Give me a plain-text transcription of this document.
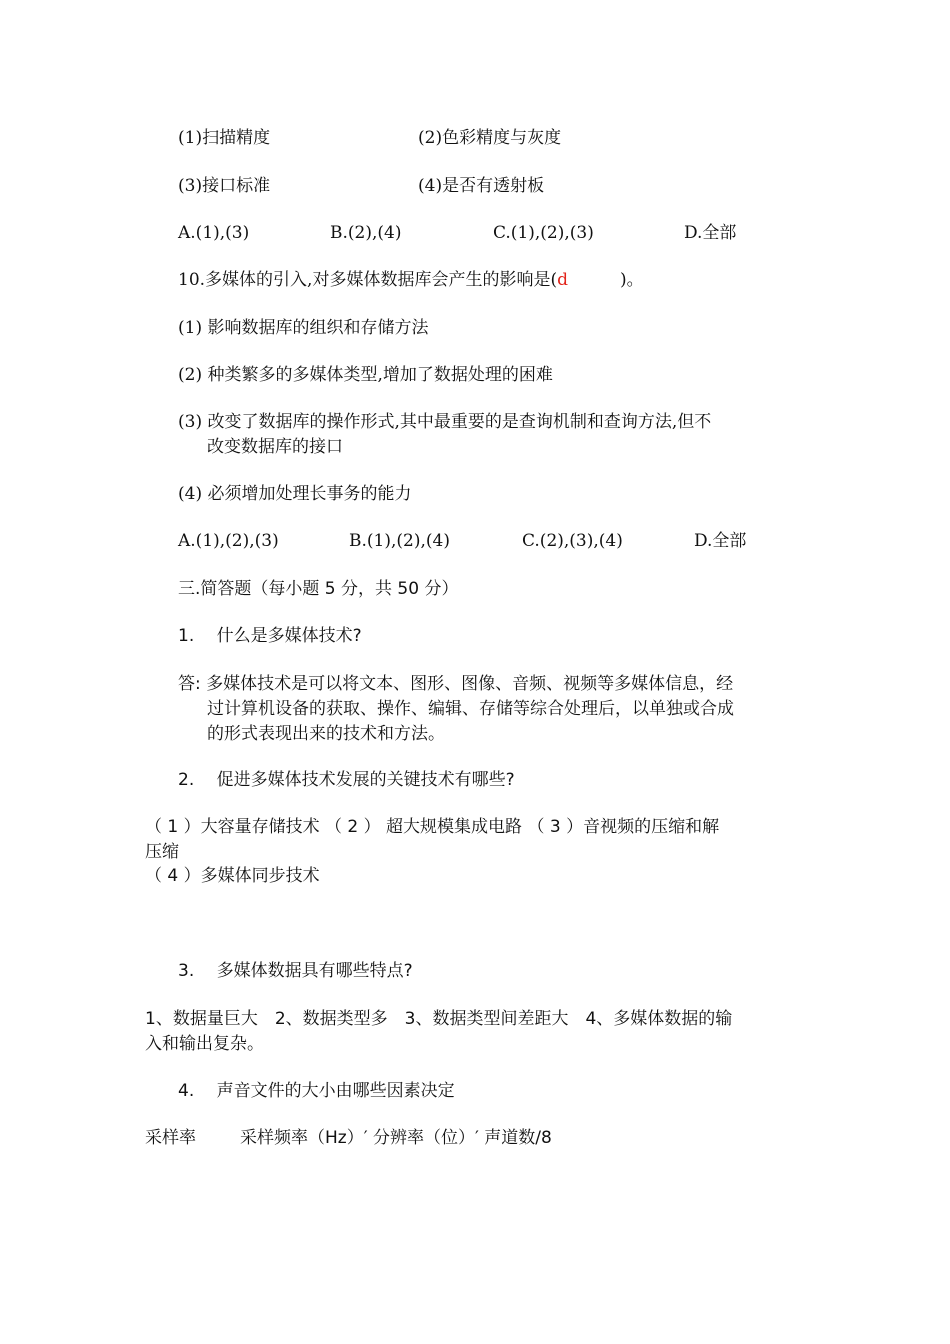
(1)扫描精度	(2)色彩精度与灰度
(3)接口标准	(4)是否有透射板
A.(1),(3)	B.(2),(4)	C.(1),(2),(3)	D.全部
10.多媒体的引入,对多媒体数据库会产生的影响是(d	)。
(1) 影响数据库的组织和存储方法
(2) 种类繁多的多媒体类型,增加了数据处理的困难
(3) 改变了数据库的操作形式,其中最重要的是查询机制和查询方法,但不
改变数据库的接口
(4) 必须增加处理长事务的能力
A.(1),(2),(3)	B.(1),(2),(4)	C.(2),(3),(4)	D.全部
三.简答题（每小题 5 分，共 50 分）
1.　 什么是多媒体技术?
答: 多媒体技术是可以将文本、图形、图像、音频、视频等多媒体信息，经
过计算机设备的获取、操作、编辑、存储等综合处理后，以单独或合成
的形式表现出来的技术和方法。
2.　 促进多媒体技术发展的关键技术有哪些?
（ 1 ）大容量存储技术 （ 2 ） 超大规模集成电路 （ 3 ）音视频的压缩和解
压缩
（ 4 ）多媒体同步技术
3.　 多媒体数据具有哪些特点?
1、数据量巨大　2、数据类型多　3、数据类型间差距大　4、多媒体数据的输
入和输出复杂。
4.　 声音文件的大小由哪些因素决定
采样率	采样频率（Hz）′ 分辨率（位）′ 声道数/8
